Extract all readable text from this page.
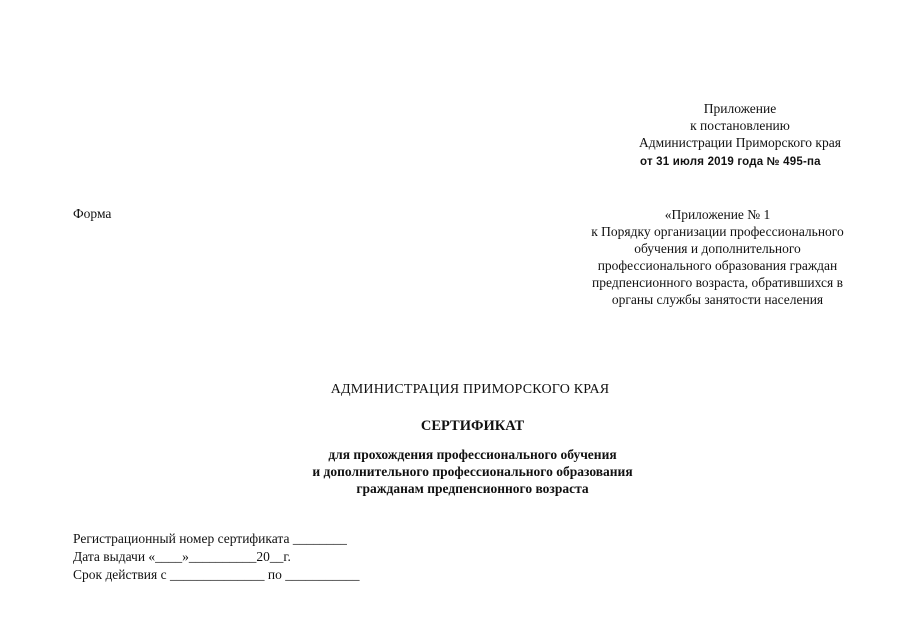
Приложение
к постановлению
Администрации Приморского края
от 31 июля 2019 года № 495-па
Форма	«Приложение № 1
к Порядку организации профессионального
обучения и дополнительного
профессионального образования граждан
предпенсионного возраста, обратившихся в
органы службы занятости населения
АДМИНИСТРАЦИЯ ПРИМОРСКОГО КРАЯ
СЕРТИФИКАТ
для прохождения профессионального обучения
и дополнительного профессионального образования
гражданам предпенсионного возраста
Регистрационный номер сертификата ________
Дата выдачи «____»__________20__г.
Срок действия с ______________ по ___________
